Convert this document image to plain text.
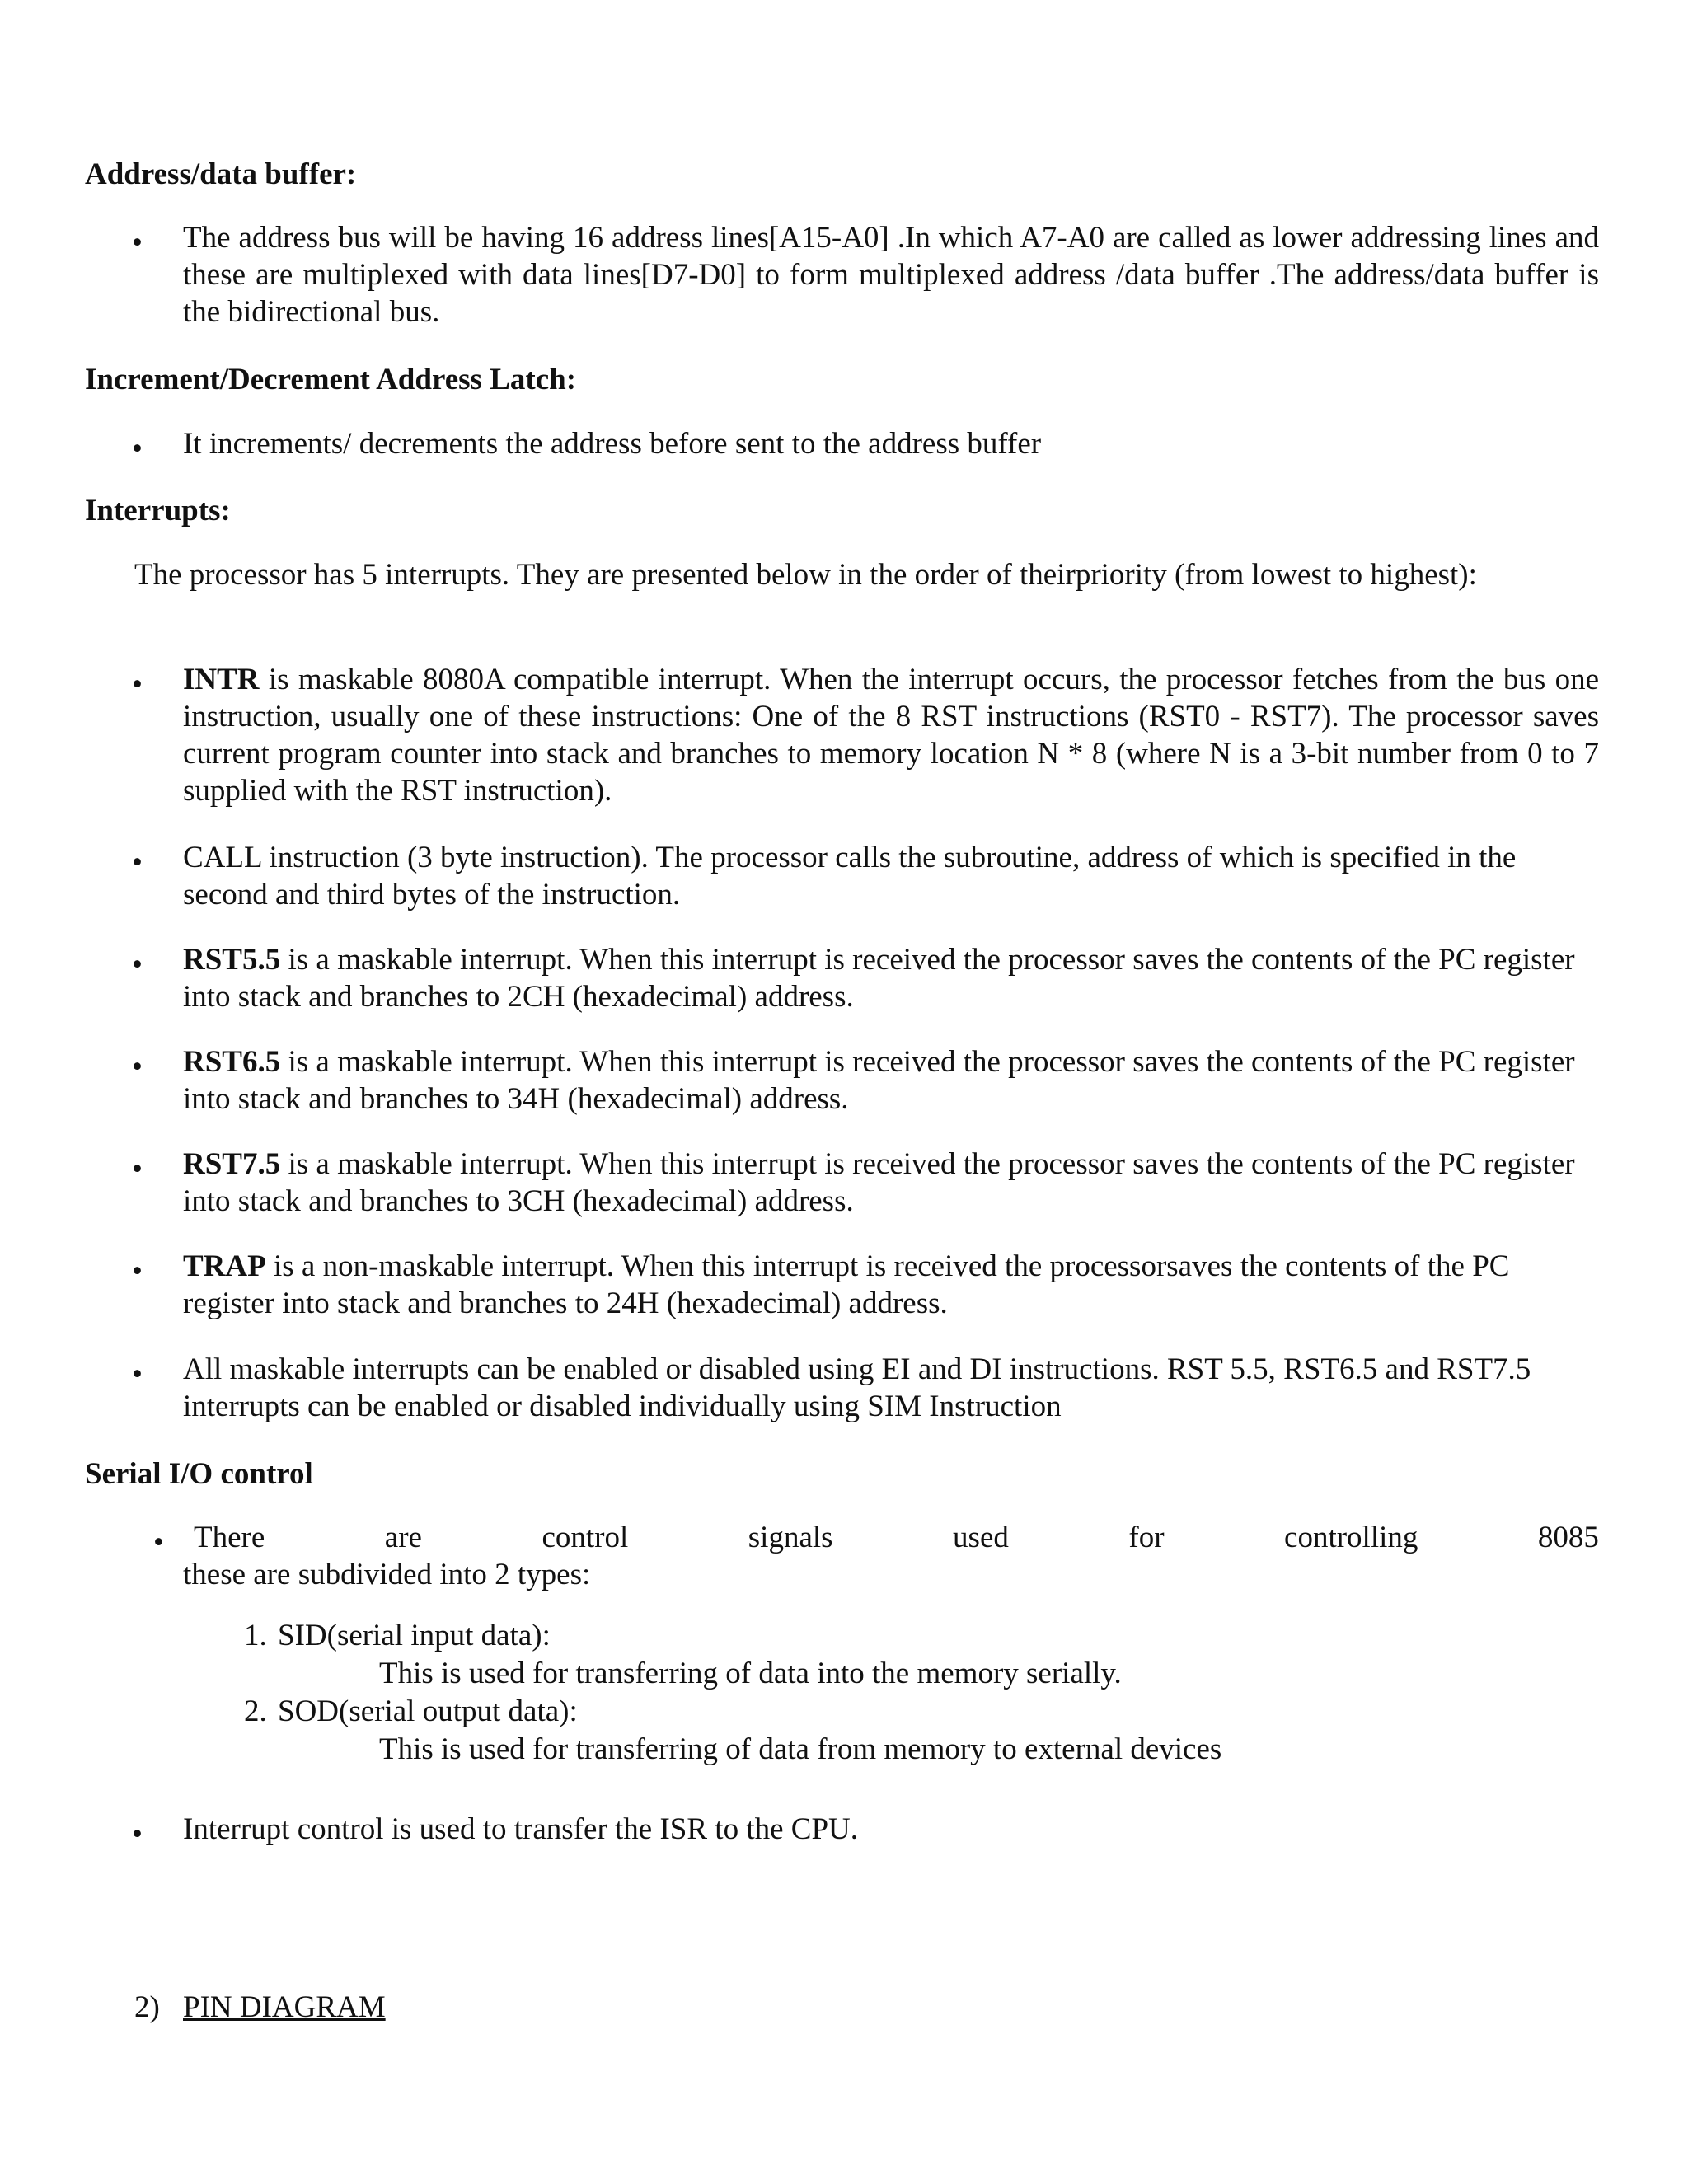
Address/data buffer:
• The address bus will be having 16 address lines[A15-A0] .In which A7-A0 are called as lower addressing lines and these are multiplexed with data lines[D7-D0] to form multiplexed address /data buffer .The address/data buffer is the bidirectional bus.
Increment/Decrement Address Latch:
• It increments/ decrements the address before sent to the address buffer
Interrupts:
The processor has 5 interrupts. They are presented below in the order of theirpriority (from lowest to highest):
• INTR is maskable 8080A compatible interrupt. When the interrupt occurs, the processor fetches from the bus one instruction, usually one of these instructions: One of the 8 RST instructions (RST0 - RST7). The processor saves current program counter into stack and branches to memory location N * 8 (where N is a 3-bit number from 0 to 7 supplied with the RST instruction).
• CALL instruction (3 byte instruction). The processor calls the subroutine, address of which is specified in the second and third bytes of the instruction.
• RST5.5 is a maskable interrupt. When this interrupt is received the processor saves the contents of the PC register into stack and branches to 2CH (hexadecimal) address.
• RST6.5 is a maskable interrupt. When this interrupt is received the processor saves the contents of the PC register into stack and branches to 34H (hexadecimal) address.
• RST7.5 is a maskable interrupt. When this interrupt is received the processor saves the contents of the PC register into stack and branches to 3CH (hexadecimal) address.
• TRAP is a non-maskable interrupt. When this interrupt is received the processorsaves the contents of the PC register into stack and branches to 24H (hexadecimal) address.
• All maskable interrupts can be enabled or disabled using EI and DI instructions. RST 5.5, RST6.5 and RST7.5 interrupts can be enabled or disabled individually using SIM Instruction
Serial I/O control
• There	are	control	signals	used	for	controlling	8085
these are subdivided into 2 types:
1. SID(serial input data):
This is used for transferring of data into the memory serially.
2. SOD(serial output data):
This is used for transferring of data from memory to external devices
• Interrupt control is used to transfer the ISR to the CPU.
2) PIN DIAGRAM
